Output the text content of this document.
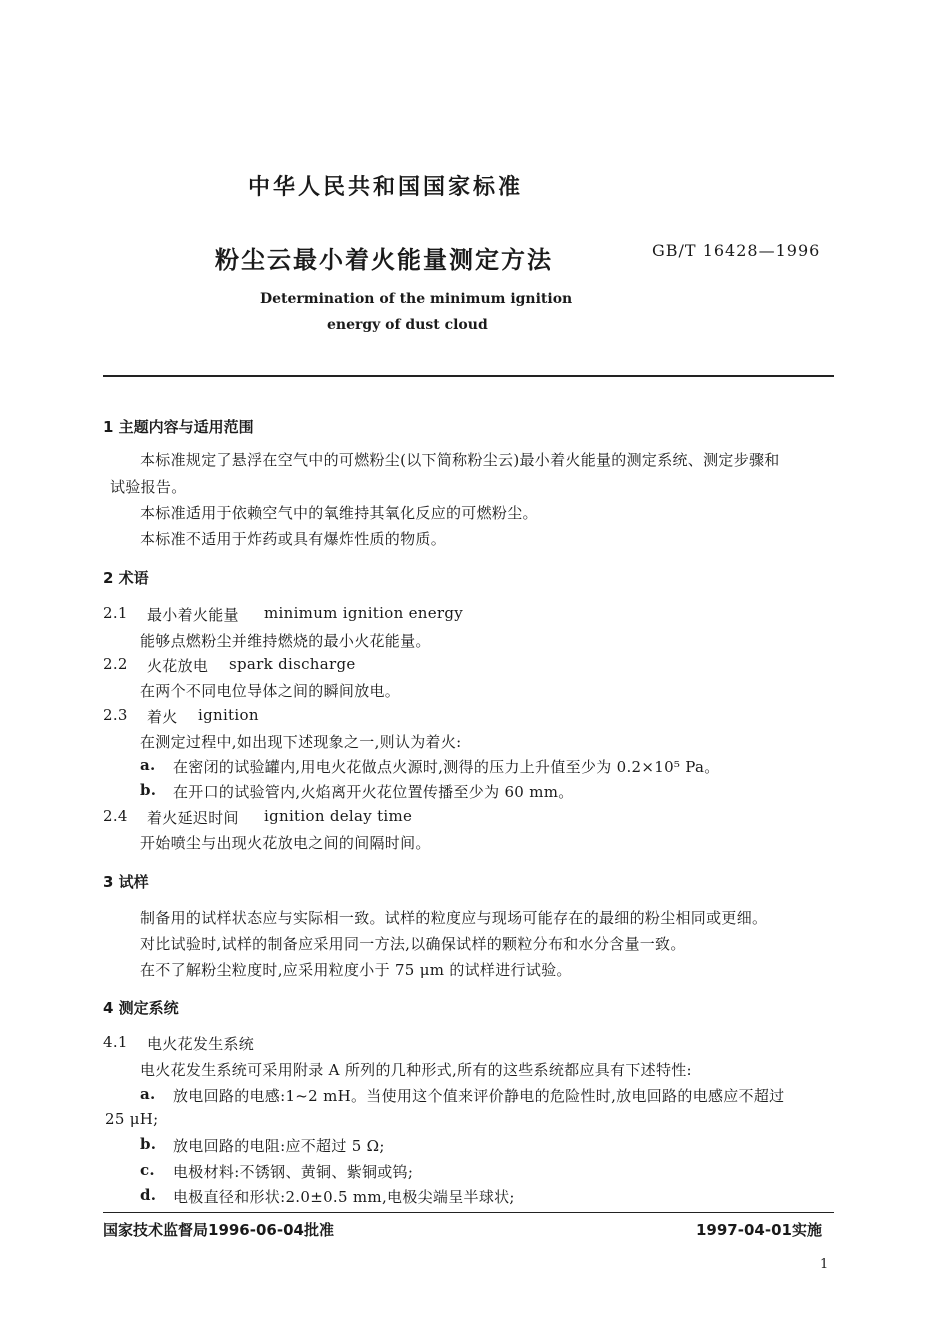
中华人民共和国国家标准
粉尘云最小着火能量测定方法	GB/T 16428—1996
Determination of the minimum ignition
energy of dust cloud
1 主题内容与适用范围
本标准规定了悬浮在空气中的可燃粉尘(以下简称粉尘云)最小着火能量的测定系统、测定步骤和
试验报告。
本标准适用于依赖空气中的氧维持其氧化反应的可燃粉尘。
本标准不适用于炸药或具有爆炸性质的物质。
2 术语
2.1 最小着火能量 minimum ignition energy
能够点燃粉尘并维持燃烧的最小火花能量。
2.2 火花放电 spark discharge
在两个不同电位导体之间的瞬间放电。
2.3 着火 ignition
在测定过程中,如出现下述现象之一,则认为着火:
a. 在密闭的试验罐内,用电火花做点火源时,测得的压力上升值至少为 0.2×10⁵ Pa。
b. 在开口的试验管内,火焰离开火花位置传播至少为 60 mm。
2.4 着火延迟时间 ignition delay time
开始喷尘与出现火花放电之间的间隔时间。
3 试样
制备用的试样状态应与实际相一致。试样的粒度应与现场可能存在的最细的粉尘相同或更细。
对比试验时,试样的制备应采用同一方法,以确保试样的颗粒分布和水分含量一致。
在不了解粉尘粒度时,应采用粒度小于 75 μm 的试样进行试验。
4 测定系统
4.1 电火花发生系统
电火花发生系统可采用附录 A 所列的几种形式,所有的这些系统都应具有下述特性:
a. 放电回路的电感:1~2 mH。当使用这个值来评价静电的危险性时,放电回路的电感应不超过
25 μH;
b. 放电回路的电阻:应不超过 5 Ω;
c. 电极材料:不锈钢、黄铜、紫铜或钨;
d. 电极直径和形状:2.0±0.5 mm,电极尖端呈半球状;
国家技术监督局1996-06-04批准	1997-04-01实施
1
